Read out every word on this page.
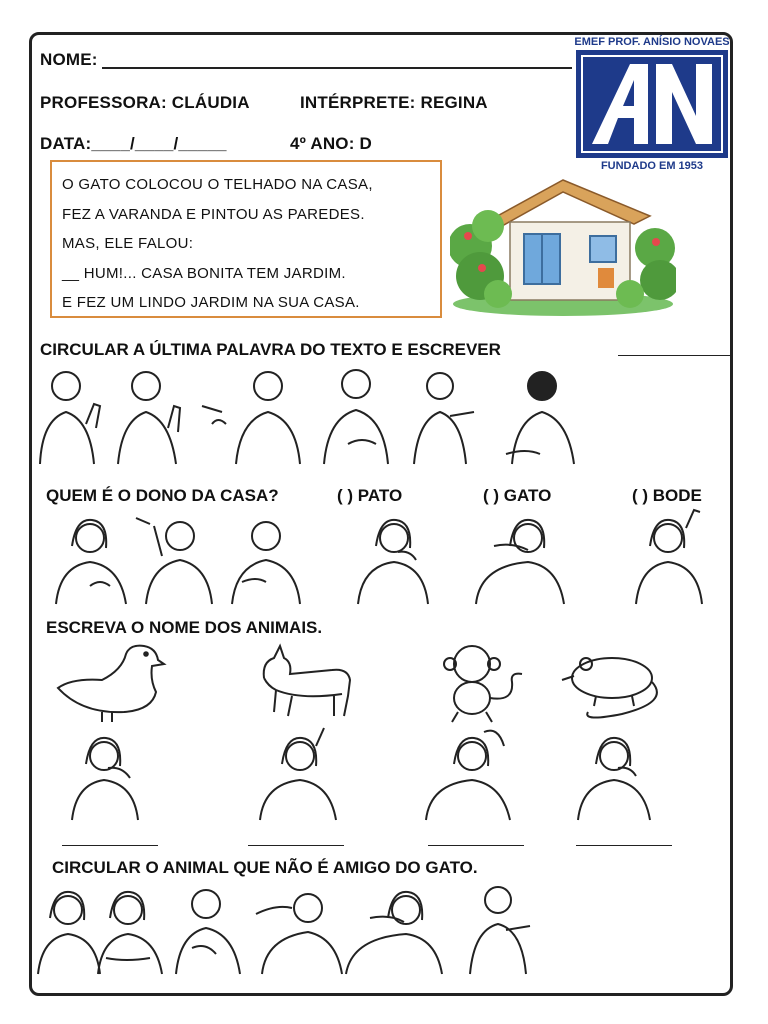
NOME:
PROFESSORA: CLÁUDIA	INTÉRPRETE: REGINA
DATA:____/____/_____	4º ANO: D
EMEF PROF. ANÍSIO NOVAES
FUNDADO EM 1953
O GATO COLOCOU O TELHADO NA CASA,
FEZ A VARANDA E PINTOU AS PAREDES.
MAS, ELE FALOU:
__ HUM!... CASA BONITA TEM JARDIM.
E FEZ UM LINDO JARDIM NA SUA CASA.
CIRCULAR A ÚLTIMA PALAVRA DO TEXTO E ESCREVER
QUEM É O DONO DA CASA?	( ) PATO	( ) GATO	( ) BODE
ESCREVA O NOME DOS ANIMAIS.
CIRCULAR O ANIMAL QUE NÃO É AMIGO DO GATO.
